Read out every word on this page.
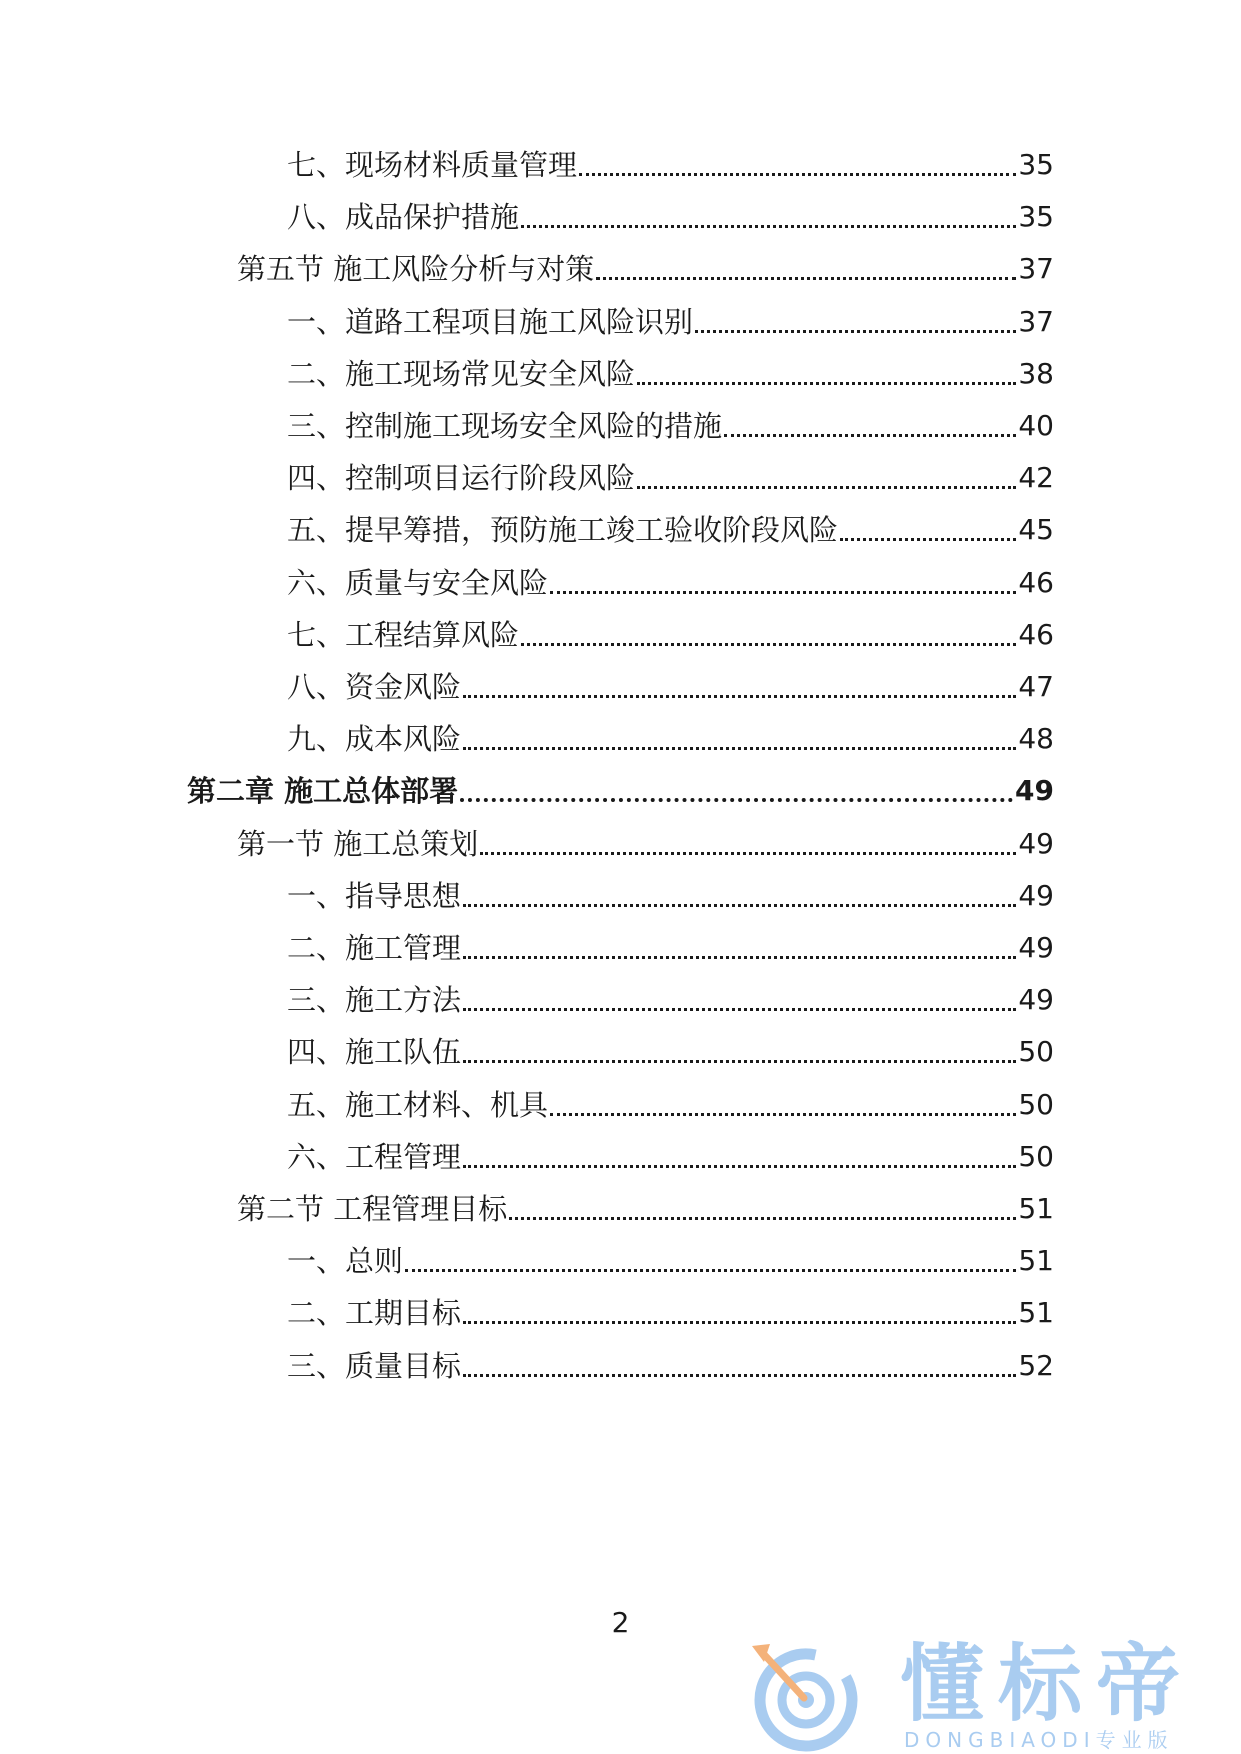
七、现场材料质量管理	35
八、成品保护措施	35
第五节 施工风险分析与对策	37
一、道路工程项目施工风险识别	37
二、施工现场常见安全风险	38
三、控制施工现场安全风险的措施	40
四、控制项目运行阶段风险	42
五、提早筹措，预防施工竣工验收阶段风险	45
六、质量与安全风险	46
七、工程结算风险	46
八、资金风险	47
九、成本风险	48
第二章 施工总体部署	49
第一节 施工总策划	49
一、指导思想	49
二、施工管理	49
三、施工方法	49
四、施工队伍	50
五、施工材料、机具	50
六、工程管理	50
第二节 工程管理目标	51
一、总则	51
二、工期目标	51
三、质量目标	52
2
懂标帝
DONGBIAODI专业版
